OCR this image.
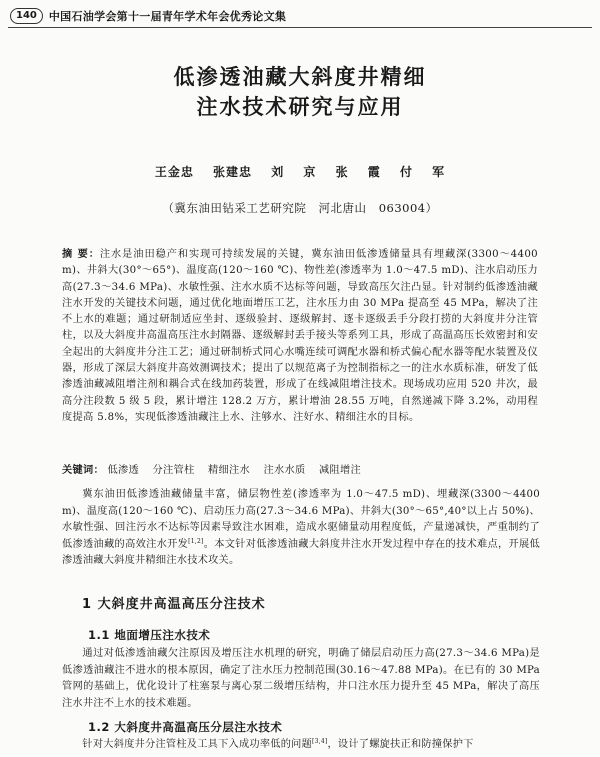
140	中国石油学会第十一届青年学术年会优秀论文集
低渗透油藏大斜度井精细
注水技术研究与应用
王金忠 张建忠 刘 京 张 霞 付 军
（冀东油田钻采工艺研究院 河北唐山 063004）
摘 要：注水是油田稳产和实现可持续发展的关键，冀东油田低渗透储量具有埋藏深(3300～4400 m)、井斜大(30°～65°)、温度高(120～160 ℃)、物性差(渗透率为 1.0～47.5 mD)、注水启动压力高(27.3～34.6 MPa)、水敏性强、注水水质不达标等问题，导致高压欠注凸显。针对制约低渗透油藏注水开发的关键技术问题，通过优化地面增压工艺，注水压力由 30 MPa 提高至 45 MPa，解决了注不上水的难题；通过研制适应坐封、逐级验封、逐级解封、逐卡逐级丢手分段打捞的大斜度井分注管柱，以及大斜度井高温高压注水封隔器、逐级解封丢手接头等系列工具，形成了高温高压长效密封和安全起出的大斜度井分注工艺；通过研制桥式同心水嘴连续可调配水器和桥式偏心配水器等配水装置及仪器，形成了深层大斜度井高效测调技术；提出了以规范离子为控制指标之一的注水水质标准，研发了低渗透油藏减阻增注剂和耦合式在线加药装置，形成了在线减阻增注技术。现场成功应用 520 井次，最高分注段数 5 级 5 段，累计增注 128.2 万方，累计增油 28.55 万吨，自然递减下降 3.2%，动用程度提高 5.8%，实现低渗透油藏注上水、注够水、注好水、精细注水的目标。
关键词： 低渗透 分注管柱 精细注水 注水水质 减阻增注

冀东油田低渗透油藏储量丰富，储层物性差(渗透率为 1.0～47.5 mD)、埋藏深(3300～4400 m)、温度高(120～160 ℃)、启动压力高(27.3～34.6 MPa)、井斜大(30°～65°,40°以上占 50%)、水敏性强、回注污水不达标等因素导致注水困难，造成水驱储量动用程度低，产量递减快，严重制约了低渗透油藏的高效注水开发[1,2]。本文针对低渗透油藏大斜度井注水开发过程中存在的技术难点，开展低渗透油藏大斜度井精细注水技术攻关。

1 大斜度井高温高压分注技术
1.1 地面增压注水技术

通过对低渗透油藏欠注原因及增压注水机理的研究，明确了储层启动压力高(27.3～34.6 MPa)是低渗透油藏注不进水的根本原因，确定了注水压力控制范围(30.16～47.88 MPa)。在已有的 30 MPa 管网的基础上，优化设计了柱塞泵与离心泵二级增压结构，井口注水压力提升至 45 MPa，解决了高压注水井注不上水的技术难题。

1.2 大斜度井高温高压分层注水技术

针对大斜度井分注管柱及工具下入成功率低的问题[3,4]，设计了螺旋扶正和防撞保护下
